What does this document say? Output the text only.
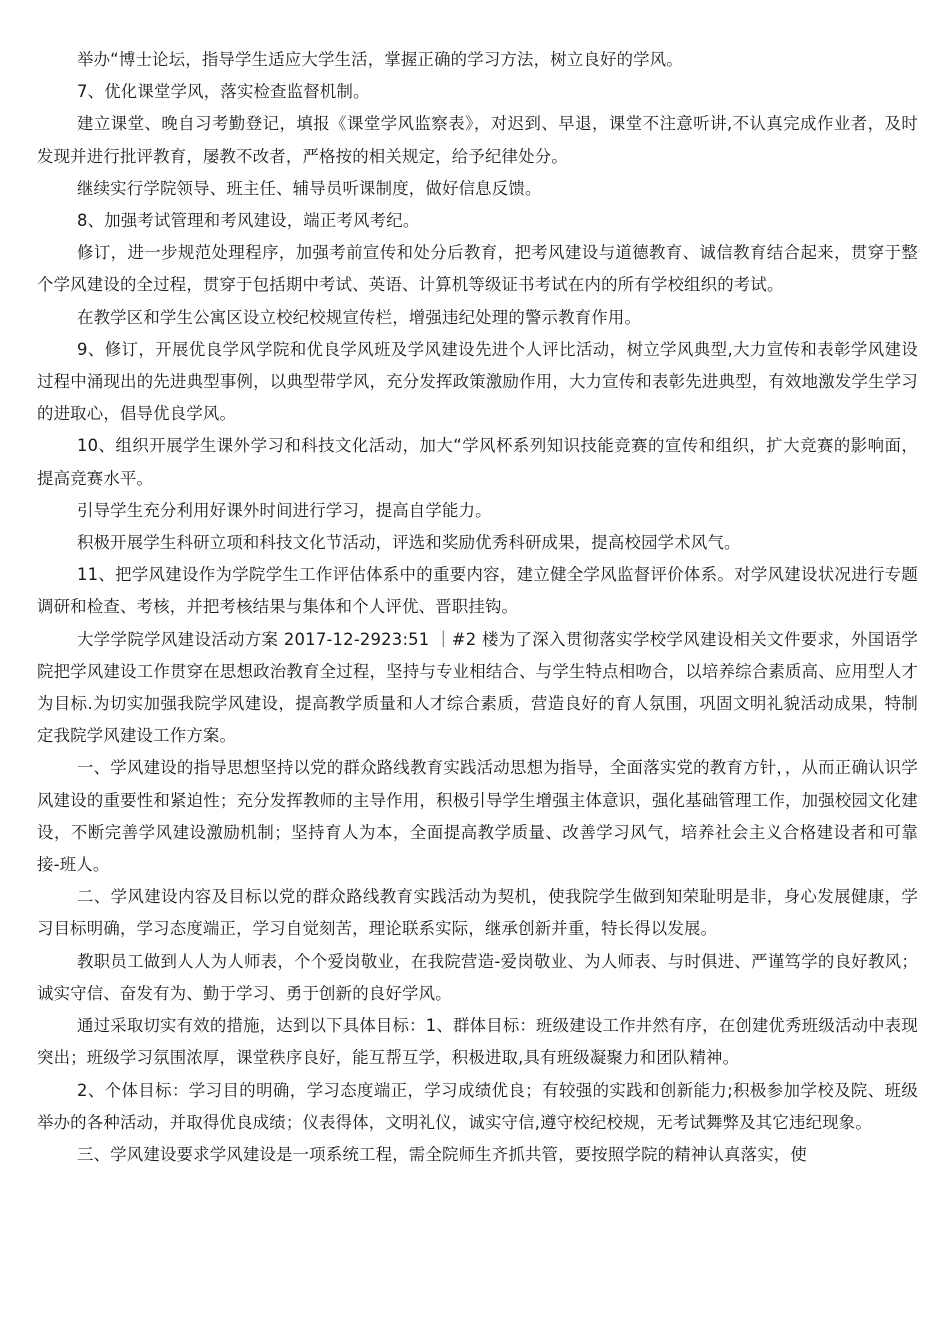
举办“博士论坛，指导学生适应大学生活，掌握正确的学习方法，树立良好的学风。

7、优化课堂学风，落实检查监督机制。

建立课堂、晚自习考勤登记，填报《课堂学风监察表》，对迟到、早退，课堂不注意听讲,不认真完成作业者，及时发现并进行批评教育，屡教不改者，严格按的相关规定，给予纪律处分。

继续实行学院领导、班主任、辅导员听课制度，做好信息反馈。

8、加强考试管理和考风建设，端正考风考纪。

修订，进一步规范处理程序，加强考前宣传和处分后教育，把考风建设与道德教育、诚信教育结合起来，贯穿于整个学风建设的全过程，贯穿于包括期中考试、英语、计算机等级证书考试在内的所有学校组织的考试。

在教学区和学生公寓区设立校纪校规宣传栏，增强违纪处理的警示教育作用。

9、修订，开展优良学风学院和优良学风班及学风建设先进个人评比活动，树立学风典型,大力宣传和表彰学风建设过程中涌现出的先进典型事例，以典型带学风，充分发挥政策激励作用，大力宣传和表彰先进典型，有效地激发学生学习的进取心，倡导优良学风。

10、组织开展学生课外学习和科技文化活动，加大“学风杯系列知识技能竞赛的宣传和组织，扩大竞赛的影响面，提高竞赛水平。

引导学生充分利用好课外时间进行学习，提高自学能力。

积极开展学生科研立项和科技文化节活动，评选和奖励优秀科研成果，提高校园学术风气。

11、把学风建设作为学院学生工作评估体系中的重要内容，建立健全学风监督评价体系。对学风建设状况进行专题调研和检查、考核，并把考核结果与集体和个人评优、晋职挂钩。

大学学院学风建设活动方案 2017-12-2923:51 ｜#2 楼为了深入贯彻落实学校学风建设相关文件要求，外国语学院把学风建设工作贯穿在思想政治教育全过程，坚持与专业相结合、与学生特点相吻合，以培养综合素质高、应用型人才为目标.为切实加强我院学风建设，提高教学质量和人才综合素质，营造良好的育人氛围，巩固文明礼貌活动成果，特制定我院学风建设工作方案。

一、学风建设的指导思想坚持以党的群众路线教育实践活动思想为指导，全面落实党的教育方针，，从而正确认识学风建设的重要性和紧迫性；充分发挥教师的主导作用，积极引导学生增强主体意识，强化基础管理工作，加强校园文化建设，不断完善学风建设激励机制；坚持育人为本，全面提高教学质量、改善学习风气，培养社会主义合格建设者和可靠接-班人。

二、学风建设内容及目标以党的群众路线教育实践活动为契机，使我院学生做到知荣耻明是非，身心发展健康，学习目标明确，学习态度端正，学习自觉刻苦，理论联系实际，继承创新并重，特长得以发展。

教职员工做到人人为人师表，个个爱岗敬业，在我院营造-爱岗敬业、为人师表、与时俱进、严谨笃学的良好教风；诚实守信、奋发有为、勤于学习、勇于创新的良好学风。

通过采取切实有效的措施，达到以下具体目标：1、群体目标：班级建设工作井然有序，在创建优秀班级活动中表现突出；班级学习氛围浓厚，课堂秩序良好，能互帮互学，积极进取,具有班级凝聚力和团队精神。

2、个体目标：学习目的明确，学习态度端正，学习成绩优良；有较强的实践和创新能力;积极参加学校及院、班级举办的各种活动，并取得优良成绩；仪表得体，文明礼仪，诚实守信,遵守校纪校规，无考试舞弊及其它违纪现象。

三、学风建设要求学风建设是一项系统工程，需全院师生齐抓共管，要按照学院的精神认真落实，使
